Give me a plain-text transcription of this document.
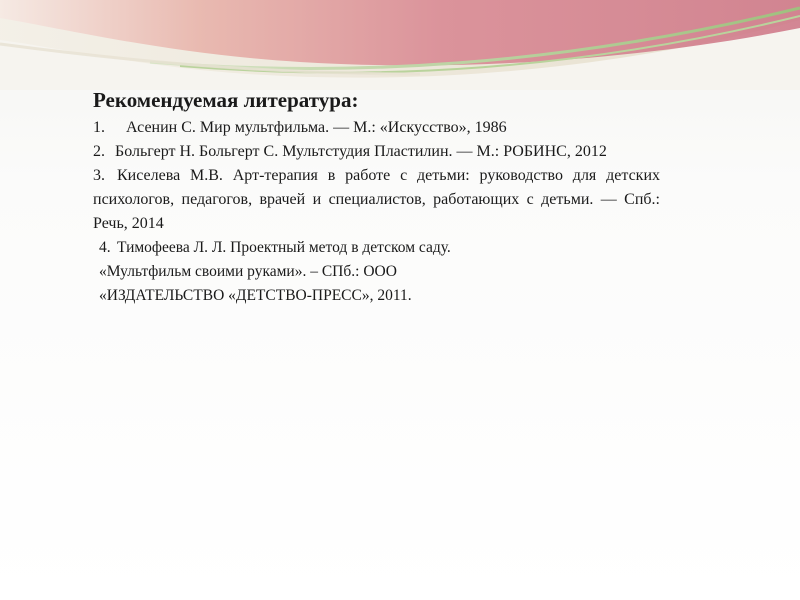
Рекомендуемая литература:

1. Асенин С. Мир мультфильма. — М.: «Искусство», 1986

2. Больгерт Н. Больгерт С. Мультстудия Пластилин. — М.: РОБИНС, 2012

3. Киселева М.В. Арт-терапия в работе с детьми: руководство для детских психологов, педагогов, врачей и специалистов, работающих с детьми. — Спб.: Речь, 2014

4. Тимофеева Л. Л. Проектный метод в детском саду.
«Мультфильм своими руками». – СПб.: ООО
«ИЗДАТЕЛЬСТВО «ДЕТСТВО-ПРЕСС», 2011.
